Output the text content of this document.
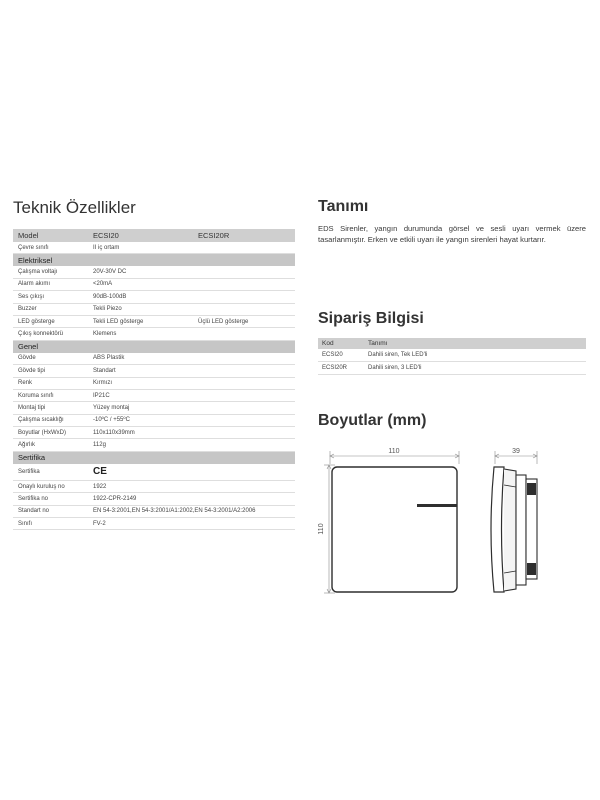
Teknik Özellikler
Model	ECSI20	ECSI20R
Çevre sınıfı	II iç ortam	
Elektriksel		
Çalışma voltajı	20V-30V DC	
Alarm akımı	<20mA	
Ses çıkışı	90dB-100dB	
Buzzer	Tekli Piezo	
LED gösterge	Tekli LED gösterge	Üçlü LED gösterge
Çıkış konnektörü	Klemens	
Genel		
Gövde	ABS Plastik	
Gövde tipi	Standart	
Renk	Kırmızı	
Koruma sınıfı	IP21C	
Montaj tipi	Yüzey montaj	
Çalışma sıcaklığı	-10ºC / +55ºC	
Boyutlar (HxWxD)	110x110x39mm	
Ağırlık	112g	
Sertifika		
Sertifika	CE	
Onaylı kuruluş no	1922	
Sertifika no	1922-CPR-2149	
Standart no	EN 54-3:2001,EN 54-3:2001/A1:2002,EN 54-3:2001/A2:2006	
Sınıfı	FV-2	
Tanımı

EDS Sirenler, yangın durumunda görsel ve sesli uyarı vermek üzere tasarlanmıştır. Erken ve etkili uyarı ile yangın sirenleri hayat kurtarır.

Sipariş Bilgisi
Kod	Tanımı
ECSI20	Dahili siren, Tek LED'li
ECSI20R	Dahili siren, 3 LED'li
Boyutlar (mm)
110
110
39
